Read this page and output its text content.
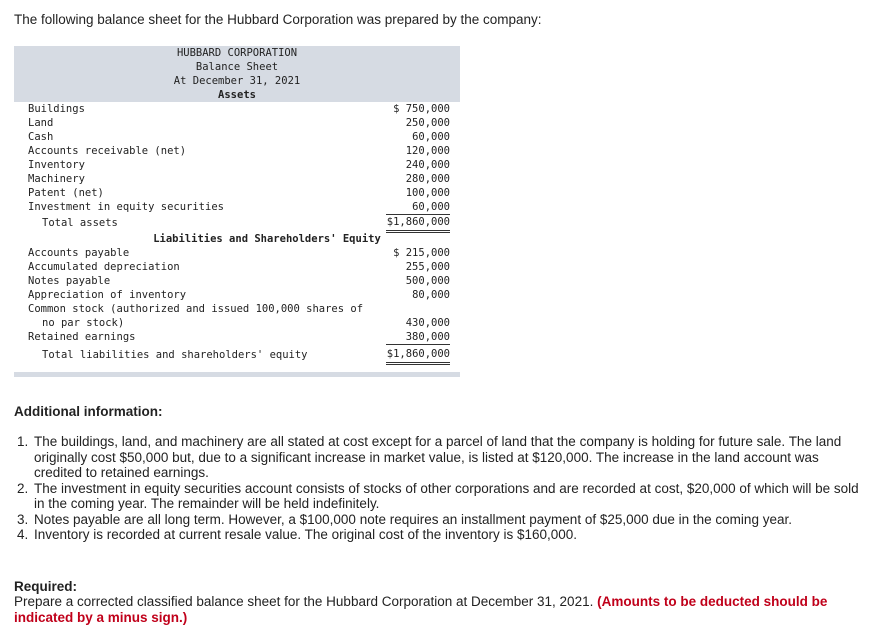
The following balance sheet for the Hubbard Corporation was prepared by the company:
HUBBARD CORPORATION
Balance Sheet
At December 31, 2021
Assets
Buildings	$ 750,000
Land	250,000
Cash	60,000
Accounts receivable (net)	120,000
Inventory	240,000
Machinery	280,000
Patent (net)	100,000
Investment in equity securities	60,000
Total assets	$1,860,000
Liabilities and Shareholders' Equity
Accounts payable	$ 215,000
Accumulated depreciation	255,000
Notes payable	500,000
Appreciation of inventory	80,000
Common stock (authorized and issued 100,000 shares of
no par stock)	430,000
Retained earnings	380,000
Total liabilities and shareholders' equity	$1,860,000
Additional information:
1. The buildings, land, and machinery are all stated at cost except for a parcel of land that the company is holding for future sale. The land originally cost $50,000 but, due to a significant increase in market value, is listed at $120,000. The increase in the land account was credited to retained earnings.
2. The investment in equity securities account consists of stocks of other corporations and are recorded at cost, $20,000 of which will be sold in the coming year. The remainder will be held indefinitely.
3. Notes payable are all long term. However, a $100,000 note requires an installment payment of $25,000 due in the coming year.
4. Inventory is recorded at current resale value. The original cost of the inventory is $160,000.
Required:
Prepare a corrected classified balance sheet for the Hubbard Corporation at December 31, 2021. (Amounts to be deducted should be indicated by a minus sign.)
